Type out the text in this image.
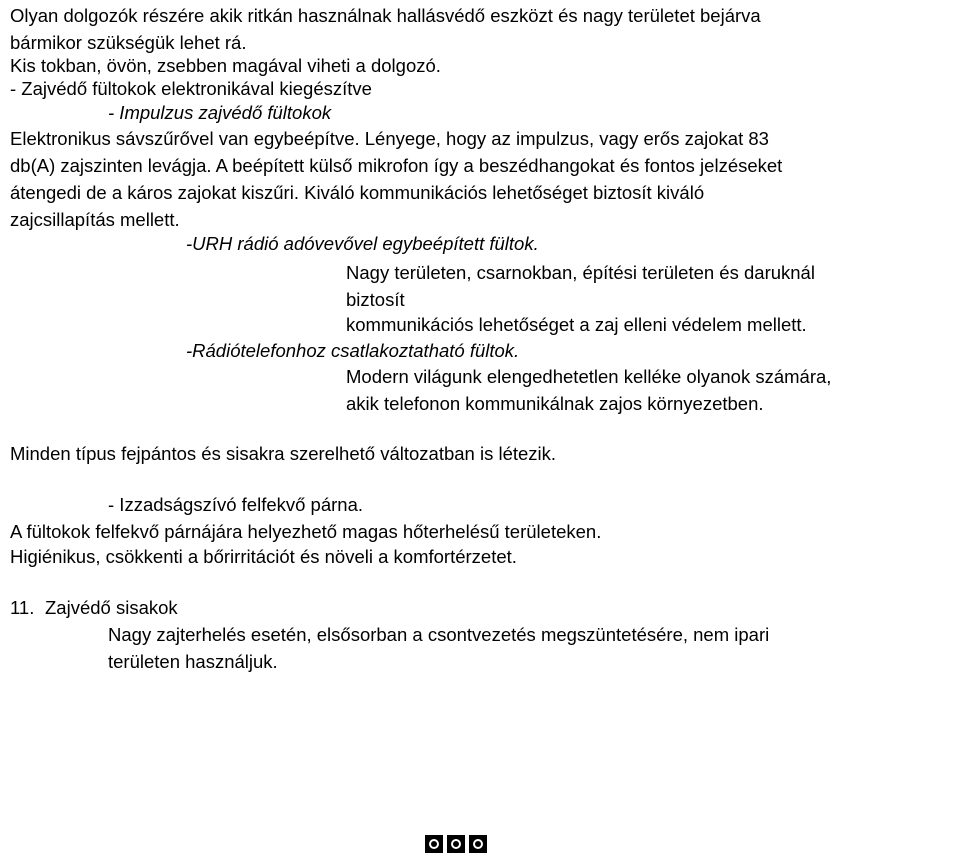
Olyan dolgozók részére akik ritkán használnak hallásvédő eszközt és nagy területet bejárva
bármikor szükségük lehet rá.
Kis tokban, övön, zsebben magával viheti a dolgozó.
- Zajvédő fültokok elektronikával kiegészítve
- Impulzus zajvédő fültokok
Elektronikus sávszűrővel van egybeépítve. Lényege, hogy az impulzus, vagy erős zajokat 83
db(A) zajszinten levágja. A beépített külső mikrofon így a beszédhangokat és fontos jelzéseket
átengedi de a káros zajokat kiszűri. Kiváló kommunikációs lehetőséget biztosít kiváló
zajcsillapítás mellett.
-URH rádió adóvevővel egybeépített fültok.
Nagy területen, csarnokban, építési területen és daruknál
biztosít
kommunikációs lehetőséget a zaj elleni védelem mellett.
-Rádiótelefonhoz csatlakoztatható fültok.
Modern világunk elengedhetetlen kelléke olyanok számára,
akik telefonon kommunikálnak zajos környezetben.
Minden típus fejpántos és sisakra szerelhető változatban is létezik.
- Izzadságszívó felfekvő párna.
A fültokok felfekvő párnájára helyezhető magas hőterhelésű területeken.
Higiénikus, csökkenti a bőrirritációt és növeli a komfortérzetet.
11. Zajvédő sisakok
Nagy zajterhelés esetén, elsősorban a csontvezetés megszüntetésére, nem ipari
területen használjuk.
